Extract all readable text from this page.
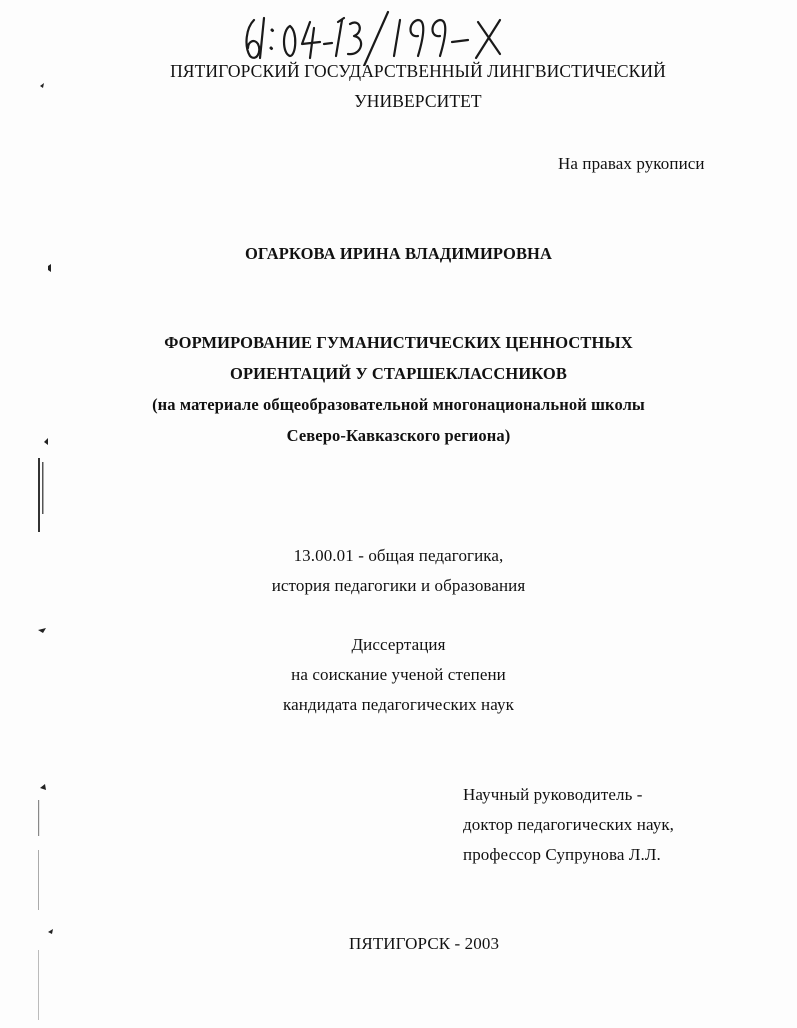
ПЯТИГОРСКИЙ ГОСУДАРСТВЕННЫЙ ЛИНГВИСТИЧЕСКИЙ
УНИВЕРСИТЕТ
На правах рукописи
ОГАРКОВА ИРИНА ВЛАДИМИРОВНА
ФОРМИРОВАНИЕ ГУМАНИСТИЧЕСКИХ ЦЕННОСТНЫХ
ОРИЕНТАЦИЙ У СТАРШЕКЛАССНИКОВ
(на материале общеобразовательной многонациональной школы
Северо-Кавказского региона)
13.00.01 - общая педагогика,
история педагогики и образования
Диссертация
на соискание ученой степени
кандидата педагогических наук
Научный руководитель -
доктор педагогических наук,
профессор Супрунова Л.Л.
ПЯТИГОРСК - 2003
